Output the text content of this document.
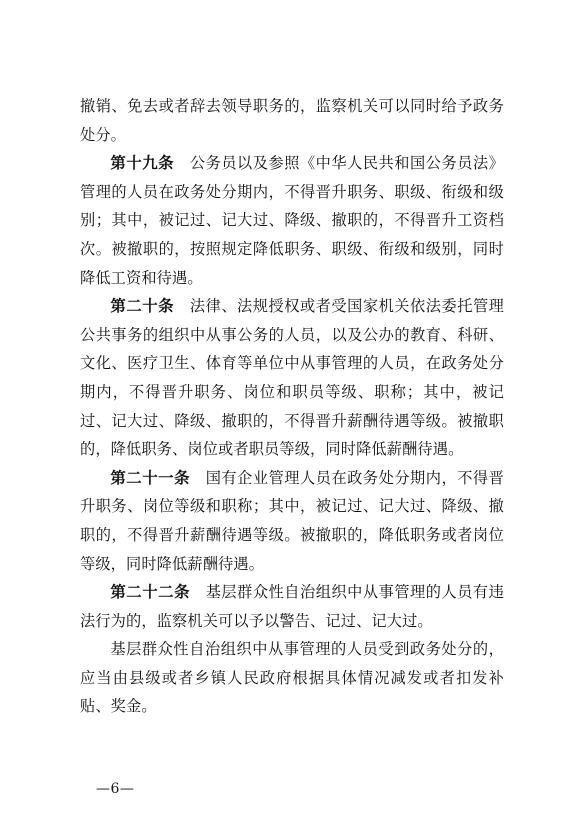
撤销、免去或者辞去领导职务的，监察机关可以同时给予政务处分。

第十九条　 公务员以及参照《中华人民共和国公务员法》管理的人员在政务处分期内，不得晋升职务、职级、衔级和级别；其中，被记过、记大过、降级、撤职的，不得晋升工资档次。被撤职的，按照规定降低职务、职级、衔级和级别，同时降低工资和待遇。

第二十条　 法律、法规授权或者受国家机关依法委托管理公共事务的组织中从事公务的人员，以及公办的教育、科研、文化、医疗卫生、体育等单位中从事管理的人员，在政务处分期内，不得晋升职务、岗位和职员等级、职称；其中，被记过、记大过、降级、撤职的，不得晋升薪酬待遇等级。被撤职的，降低职务、岗位或者职员等级，同时降低薪酬待遇。

第二十一条　 国有企业管理人员在政务处分期内，不得晋升职务、岗位等级和职称；其中，被记过、记大过、降级、撤职的，不得晋升薪酬待遇等级。被撤职的，降低职务或者岗位等级，同时降低薪酬待遇。

第二十二条　 基层群众性自治组织中从事管理的人员有违法行为的，监察机关可以予以警告、记过、记大过。

基层群众性自治组织中从事管理的人员受到政务处分的，应当由县级或者乡镇人民政府根据具体情况减发或者扣发补贴、奖金。

—6—
